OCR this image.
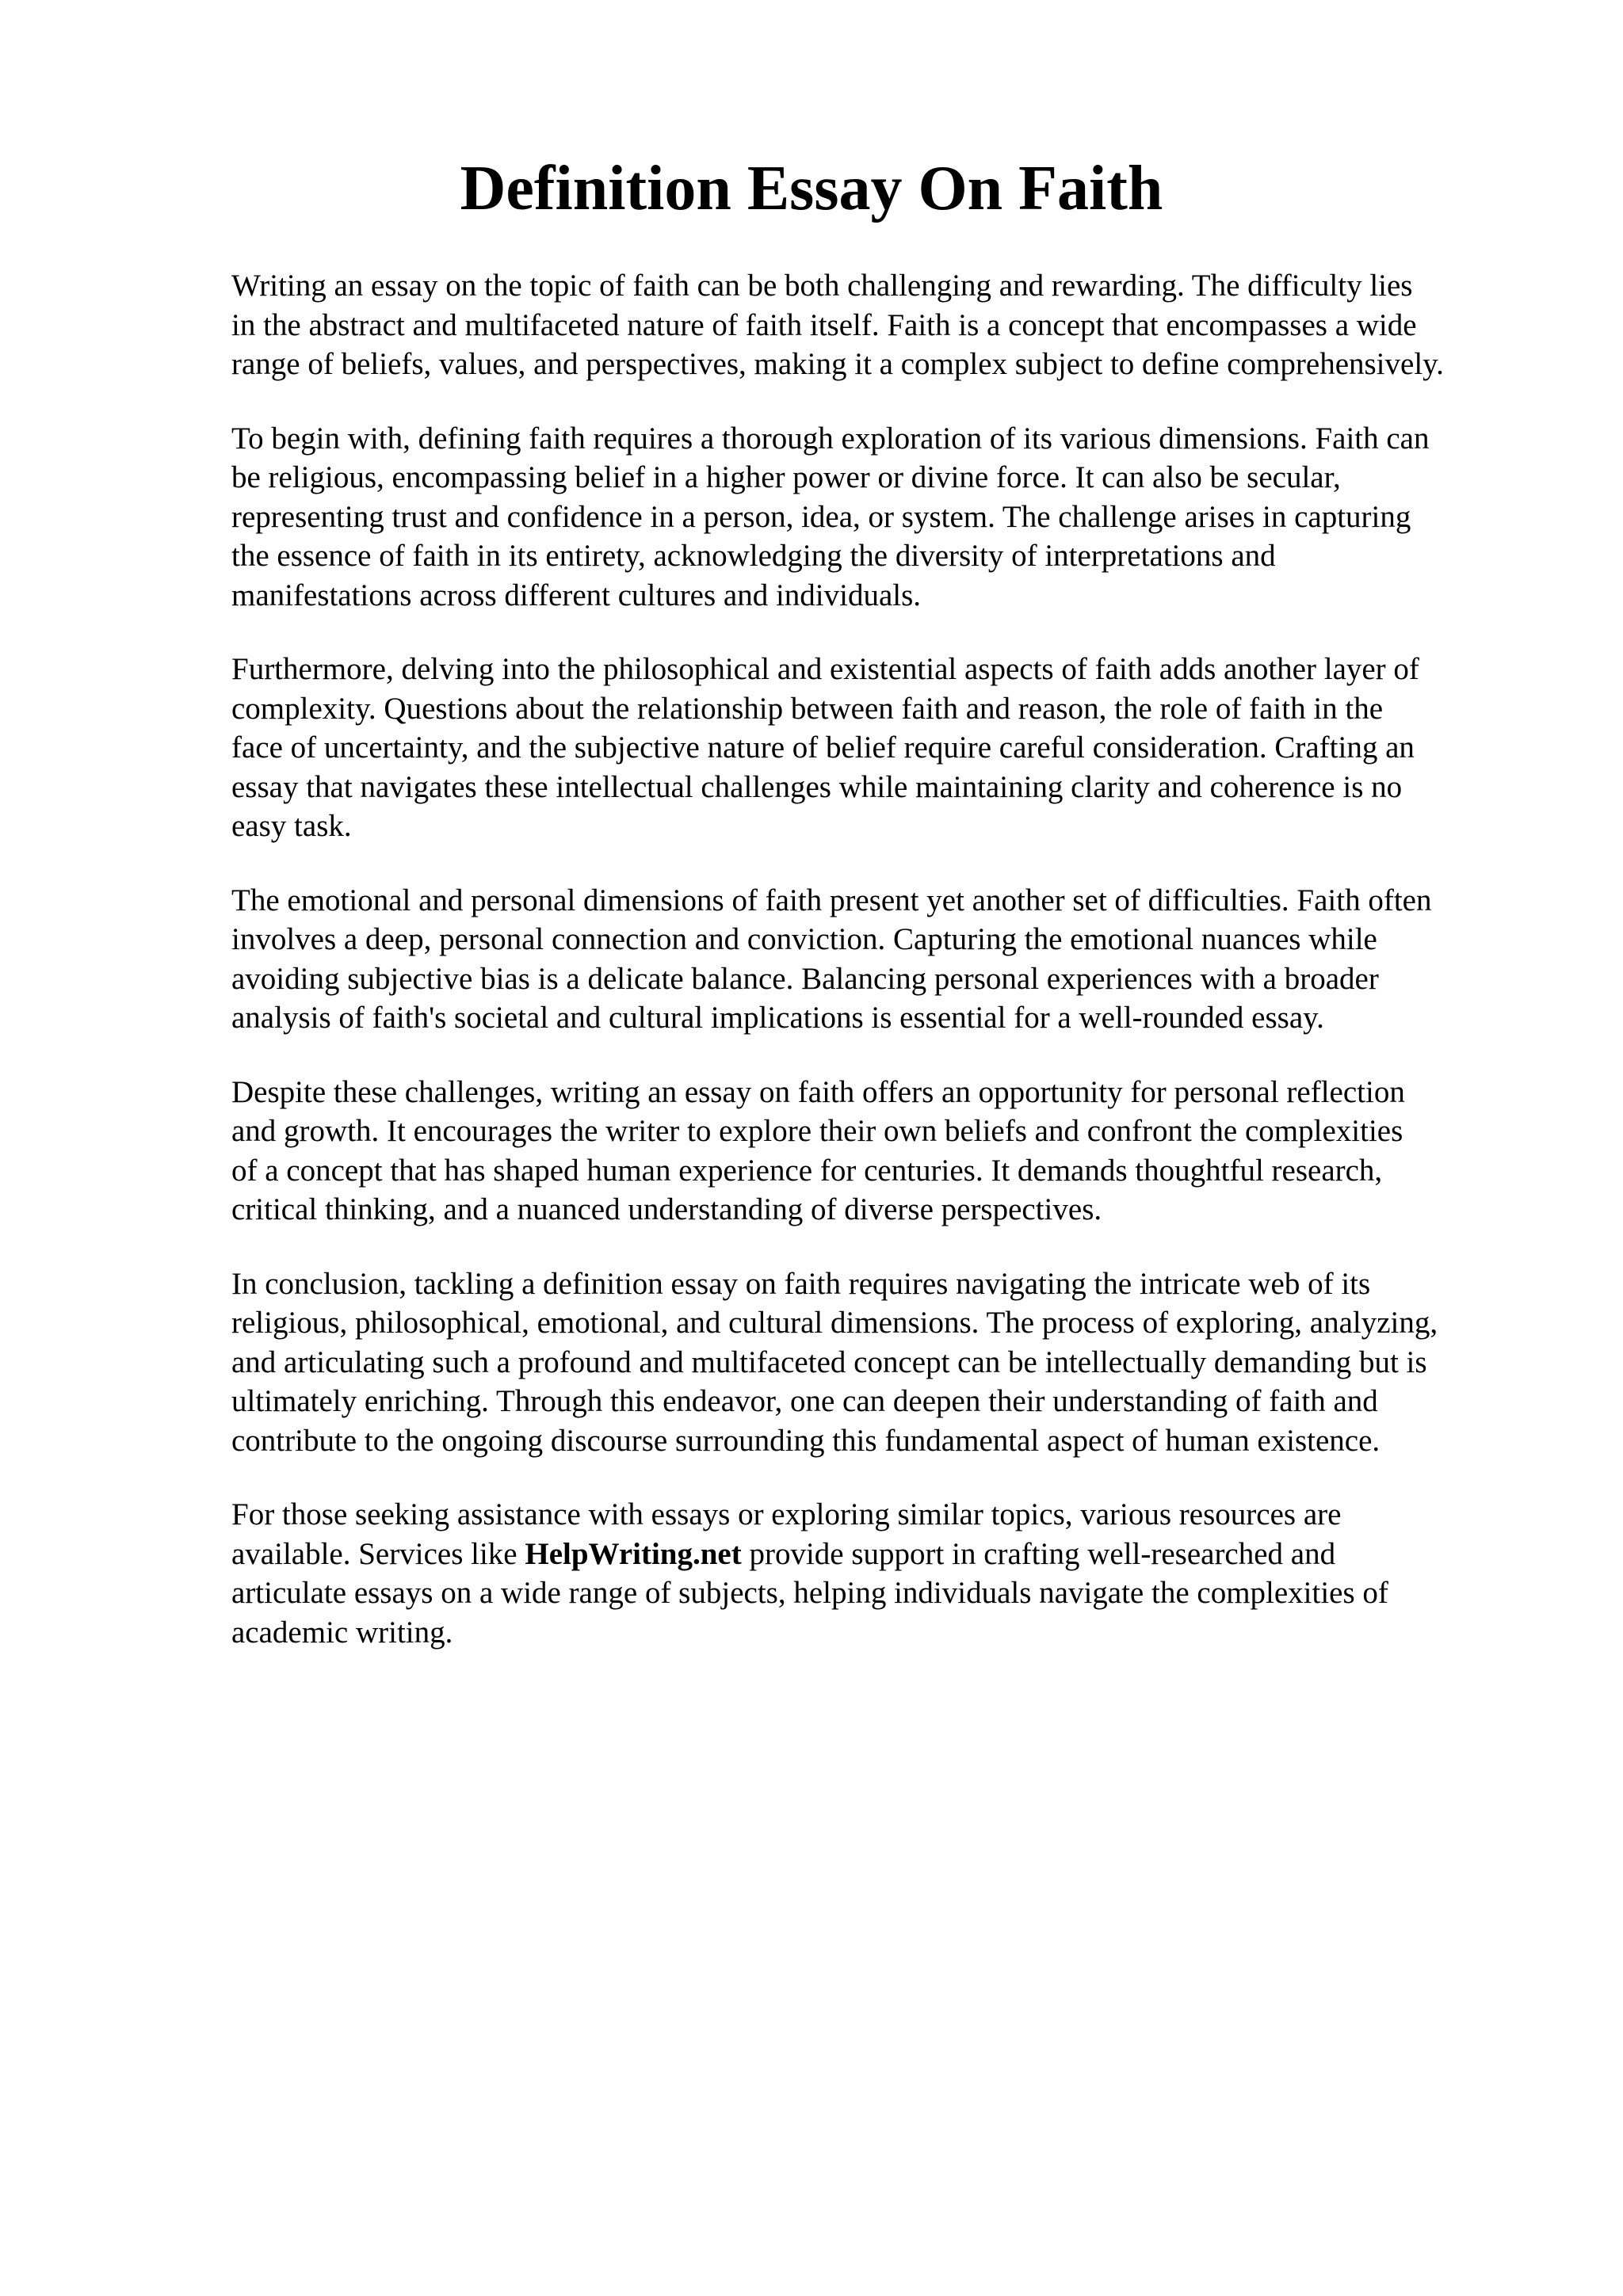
Definition Essay On Faith

Writing an essay on the topic of faith can be both challenging and rewarding. The difficulty lies
in the abstract and multifaceted nature of faith itself. Faith is a concept that encompasses a wide
range of beliefs, values, and perspectives, making it a complex subject to define comprehensively.

To begin with, defining faith requires a thorough exploration of its various dimensions. Faith can
be religious, encompassing belief in a higher power or divine force. It can also be secular,
representing trust and confidence in a person, idea, or system. The challenge arises in capturing
the essence of faith in its entirety, acknowledging the diversity of interpretations and
manifestations across different cultures and individuals.

Furthermore, delving into the philosophical and existential aspects of faith adds another layer of
complexity. Questions about the relationship between faith and reason, the role of faith in the
face of uncertainty, and the subjective nature of belief require careful consideration. Crafting an
essay that navigates these intellectual challenges while maintaining clarity and coherence is no
easy task.

The emotional and personal dimensions of faith present yet another set of difficulties. Faith often
involves a deep, personal connection and conviction. Capturing the emotional nuances while
avoiding subjective bias is a delicate balance. Balancing personal experiences with a broader
analysis of faith's societal and cultural implications is essential for a well-rounded essay.

Despite these challenges, writing an essay on faith offers an opportunity for personal reflection
and growth. It encourages the writer to explore their own beliefs and confront the complexities
of a concept that has shaped human experience for centuries. It demands thoughtful research,
critical thinking, and a nuanced understanding of diverse perspectives.

In conclusion, tackling a definition essay on faith requires navigating the intricate web of its
religious, philosophical, emotional, and cultural dimensions. The process of exploring, analyzing,
and articulating such a profound and multifaceted concept can be intellectually demanding but is
ultimately enriching. Through this endeavor, one can deepen their understanding of faith and
contribute to the ongoing discourse surrounding this fundamental aspect of human existence.

For those seeking assistance with essays or exploring similar topics, various resources are
available. Services like HelpWriting.net provide support in crafting well-researched and
articulate essays on a wide range of subjects, helping individuals navigate the complexities of
academic writing.
